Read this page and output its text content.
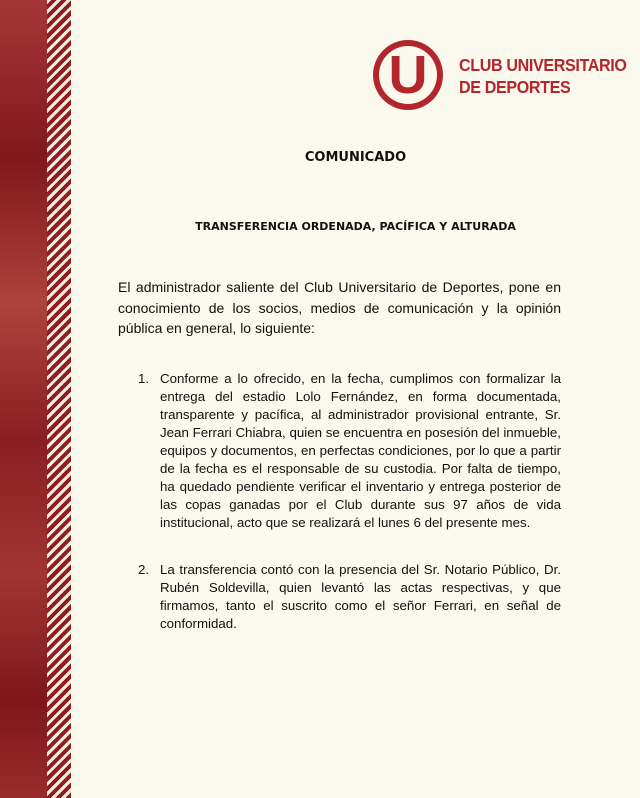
U CLUB UNIVERSITARIO
DE DEPORTES
COMUNICADO
TRANSFERENCIA ORDENADA, PACÍFICA Y ALTURADA

El administrador saliente del Club Universitario de Deportes, pone en conocimiento de los socios, medios de comunicación y la opinión pública en general, lo siguiente:

1. Conforme a lo ofrecido, en la fecha, cumplimos con formalizar la entrega del estadio Lolo Fernández, en forma documentada, transparente y pacífica, al administrador provisional entrante, Sr. Jean Ferrari Chiabra, quien se encuentra en posesión del inmueble, equipos y documentos, en perfectas condiciones, por lo que a partir de la fecha es el responsable de su custodia. Por falta de tiempo, ha quedado pendiente verificar el inventario y entrega posterior de las copas ganadas por el Club durante sus 97 años de vida institucional, acto que se realizará el lunes 6 del presente mes.
2. La transferencia contó con la presencia del Sr. Notario Público, Dr. Rubén Soldevilla, quien levantó las actas respectivas, y que firmamos, tanto el suscrito como el señor Ferrari, en señal de conformidad.
